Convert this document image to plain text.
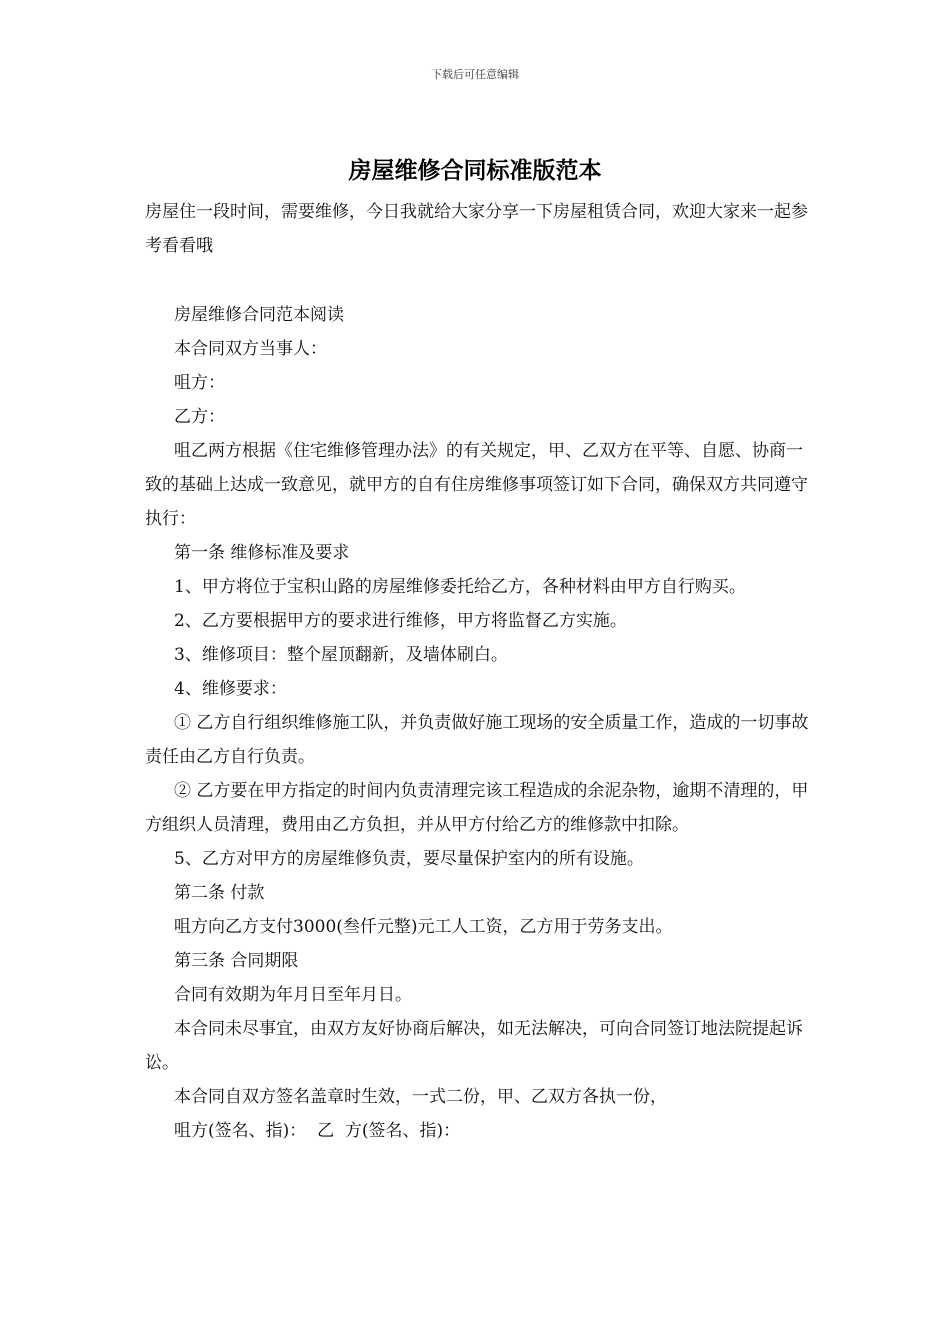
下载后可任意编辑
房屋维修合同标准版范本

房屋住一段时间，需要维修，今日我就给大家分享一下房屋租赁合同，欢迎大家来一起参考看看哦

房屋维修合同范本阅读

本合同双方当事人：

咀方：

乙方：

咀乙两方根据《住宅维修管理办法》的有关规定，甲、乙双方在平等、自愿、协商一致的基础上达成一致意见，就甲方的自有住房维修事项签订如下合同，确保双方共同遵守执行：

第一条 维修标准及要求

1、甲方将位于宝积山路的房屋维修委托给乙方，各种材料由甲方自行购买。

2、乙方要根据甲方的要求进行维修，甲方将监督乙方实施。

3、维修项目：整个屋顶翻新，及墙体刷白。

4、维修要求：

① 乙方自行组织维修施工队，并负责做好施工现场的安全质量工作，造成的一切事故责任由乙方自行负责。

② 乙方要在甲方指定的时间内负责清理完该工程造成的余泥杂物，逾期不清理的，甲方组织人员清理，费用由乙方负担，并从甲方付给乙方的维修款中扣除。

5、乙方对甲方的房屋维修负责，要尽量保护室内的所有设施。

第二条 付款

咀方向乙方支付3000(叁仟元整)元工人工资，乙方用于劳务支出。

第三条 合同期限

合同有效期为年月日至年月日。

本合同未尽事宜，由双方友好协商后解决，如无法解决，可向合同签订地法院提起诉讼。

本合同自双方签名盖章时生效，一式二份，甲、乙双方各执一份，

咀方(签名、指)：  乙  方(签名、指)：
